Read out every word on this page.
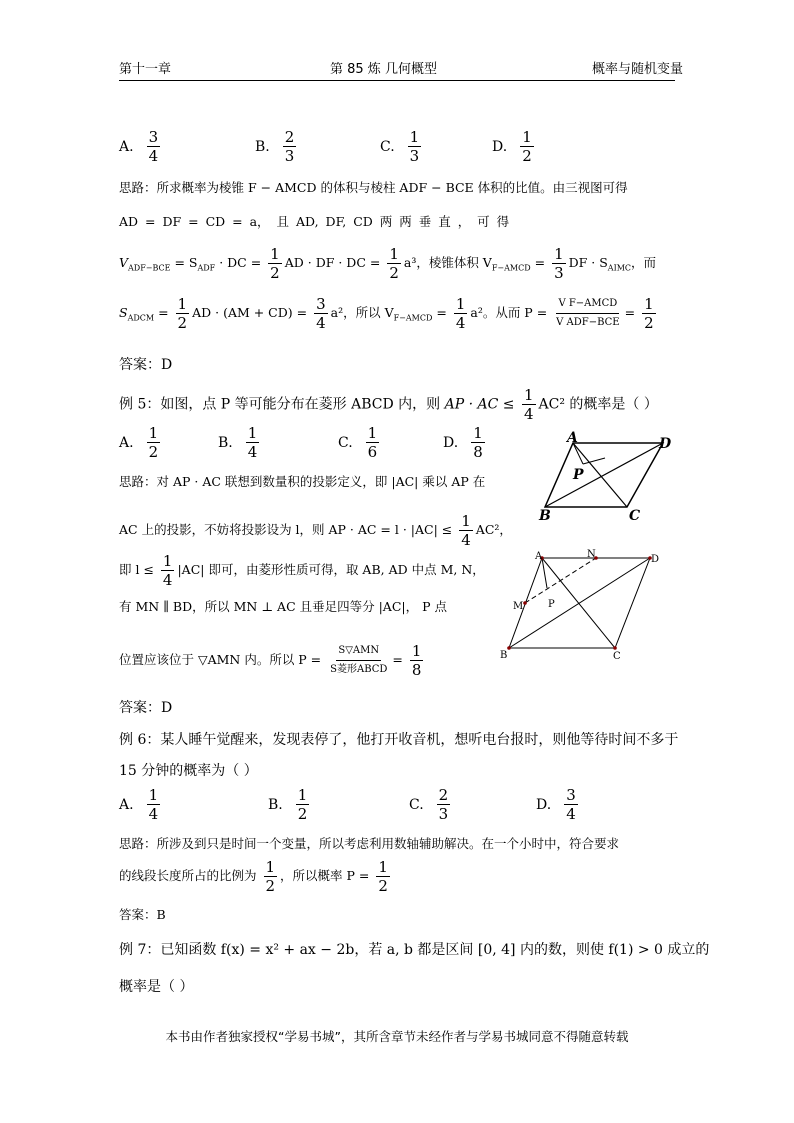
第十一章	第 85 炼 几何概型	概率与随机变量
A. $\frac{3}{4}$	B. $\frac{2}{3}$	C. $\frac{1}{3}$	D. $\frac{1}{2}$
思路：所求概率为棱锥 F − AMCD 的体积与棱柱 ADF − BCE 体积的比值。由三视图可得
AD = DF = CD = a， 且 AD, DF, CD 两 两 垂 直 ， 可 得
$V_{ADF-BCE} = S_{ADF}$ · DC = $\frac{1}{2}$ AD · DF · DC = $\frac{1}{2} a^3$，棱锥体积 $V_{F-AMCD} = \frac{1}{3}$ DF · $S_{AIMC}$，而
$S_{ADCM} = \frac{1}{2}$ AD · $(AM + CD) = \frac{3}{4} a^2$，所以 $V_{F-AMCD} = \frac{1}{4} a^2$。从而 $P = \frac{\text{V F−AMCD}}{\text{V ADF−BCE}} = \frac{1}{2}$
答案：D
例 5：如图，点 P 等可能分布在菱形 ABCD 内，则 AP · AC ≤ $\frac{1}{4} AC^2$ 的概率是（ ）
A. $\frac{1}{2}$	B. $\frac{1}{4}$	C. $\frac{1}{6}$	D. $\frac{1}{8}$	A	D
B	C
P
思路：对 AP · AC 联想到数量积的投影定义，即 |AC| 乘以 AP 在
AC 上的投影，不妨将投影设为 l，则 AP · AC = $l \cdot |AC| \le \frac{1}{4} AC^2$，
即 $l \le \frac{1}{4} |AC|$ 即可，由菱形性质可得，取 AB, AD 中点 M, N，
有 MN ∥ BD，所以 MN ⊥ AC 且垂足四等分 |AC|， P 点
位置应该位于 ▽AMN 内。所以 $P = \frac{\text{S▽AMN}}{\text{S菱形ABCD}} = \frac{1}{8}$
A	D
B	C
N
M P
答案：D
例 6：某人睡午觉醒来，发现表停了，他打开收音机，想听电台报时，则他等待时间不多于
15 分钟的概率为（ ）
A. $\frac{1}{4}$	B. $\frac{1}{2}$	C. $\frac{2}{3}$	D. $\frac{3}{4}$
思路：所涉及到只是时间一个变量，所以考虑利用数轴辅助解决。在一个小时中，符合要求
的线段长度所占的比例为 $\frac{1}{2}$ ，所以概率 $P = \frac{1}{2}$
答案：B
例 7：已知函数 f(x) = x² + ax − 2b，若 a, b 都是区间 [0, 4] 内的数，则使 f(1) > 0 成立的
概率是（ ）
本书由作者独家授权“学易书城”，其所含章节未经作者与学易书城同意不得随意转载
